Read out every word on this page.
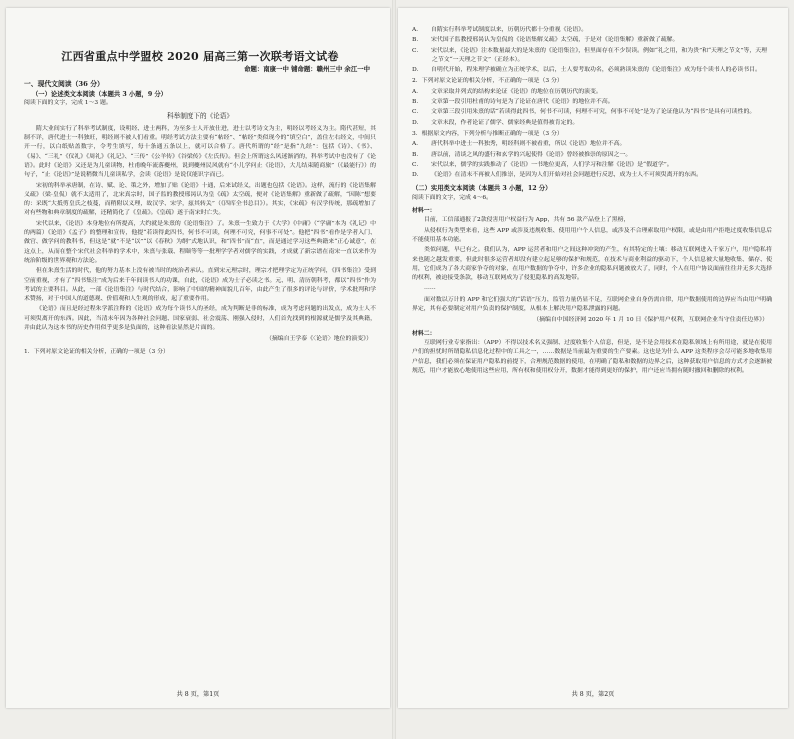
江西省重点中学盟校 2020 届高三第一次联考语文试卷
命题：南康一中 铺命题：赣州三中 余江一中
一、现代文阅读（36 分）
（一）论述类文本阅读（本题共 3 小题，9 分）
阅读下面的文字，完成 1～3 题。
科举制度下的《论语》

隋大业间实行了科举考试制度，设明经、进士两科，为至多士人开放仕进，进士以考诗文为主，明经以考经义为主。隋代甚短，其制不详，唐代进士一科独旺，明经则不被人们看重。明经考试方法主要有“帖经”、“帖经”类似现今的“填空白”，盖住左右经文，中间只开一行，以白纸贴盖数字，令考生填写，每十条通五条以上，就可以合格了。唐代所谓的“经”是指“九经”：包括《诗》、《书》、《易》、“三礼”《仪礼》《周礼》《礼记》、“三传”《公羊传》《谷梁传》《左氏传》。但会上所谓这么风迷渐消的，科举考试中也没有了《论语》。此时《论语》又还是为儿童读物，杜甫晚年流落夔州，说到夔州民风就有“小儿学问止《论语》，大儿结束随商旅”（《最能行》）的句子，“止《论语》”是说稍微当儿童读私学，会读《论语》是说仅能识字而已。

宋初的科举承唐制，在诗、赋、论、策之外，增加了贴《论语》十通，后来试经义，出题也包括《论语》。这样，流行的《论语集解义疏》（梁·皇侃）就不太适用了，北宋真宗时，国子监的教授邢昺认为皇《疏》太空疏，便对《论语集解》重新做了疏解，“因陈”想要的：采既“大抵剪皇氏之枝蔓，而稍附以义理，故汉学、宋学，兹其转关”（《四库全书总目》）。其实，《宋疏》有汉学传统，那疏增加了对有些物和典章制度的疏解，还精简化了《皇疏》。《皇疏》遂于南宋时亡失。

宋代以来，《论语》本身地位有所提高，大约就是朱熹的《论语集注》了。朱熹一生致力于《大学》《中庸》（“学庸”本为《礼记》中的两篇）《论语》《孟子》的整理和宣传，他提“若读得此四书，何书不可读，何理不可究，何事不可处”。他把“四书”看作是学者入门、做官、做学问的教科书，但这是“就”不是“以”“以《春秋》为纲”式地认识，和“四书”而“直”，而是通过学习这些典籍来“正心诚意”，在这点上，从而在整个宋代社会科举的学术中，朱熹与张载、程颐等等一批理学学者对儒学的实践，才成就了新宗谱在南宋一直以来作为统治阶级的世界观和方法论。

但在朱熹生活的时代，他的努力基本上没有被当时的统治者承认。直到宋元理宗时，理宗才把理学定为正统学问，《四书集注》受到空前重视，才有了“四书集注”成为后来千年间读书人的功课，自此，《论语》成为士子必读之书。元、明、清历朝科考，都以“四书”作为考试的主要科目。从此，一部《论语集注》与时代结合，影响了中国的精神面貌几百年，由此产生了很多的评论与评价，学术批判和学术赞扬，对于中国人的道德观、价值观和人生观的形成，起了重要作用。

《论语》而且是经过程朱学派注释的《论语》成为每个读书人的圣经，成为判断是非的标准，成为考虑问题的出发点，成为士人不可须臾离开的东西。因此，当清末年因为各种社会问题、国家衰弱、社会震荡、刚强入侵时，人们首先找到的根源就是儒学及其典籍，并由此认为这本书的历史作用似乎更多是负面的，这种看法显然是片面的。

（摘编自王学泰《〈论语〉地位的演变》）
1．下列对原文论证的相关分析，正确的一项是（3 分）
共 8 页，第1页
A． 自隋实行科举考试制度以来，历朝历代都十分重视《论语》。
B． 宋代国子监教授邢昺认为皇侃的《论语集解义疏》太空疏，于是对《论语集解》重新做了疏解。
C． 宋代以来，《论语》注本数量最大的是朱熹的《论语集注》，但里面存在不少误读。例如“礼之用，和为贵”和“天理之节文”等，天理之节文“一天理之节文”（正经本）。
D． 自明代开始，程朱理学被确立为正统学术，以后，士人要考取功名，必须熟读朱熹的《论语集注》成为每个读书人的必读书目。
2．下列对原文论证的相关分析，不正确的一项是（3 分）
A． 文章采取并列式的结构来论证《论语》的地位在历朝历代的演变。
B． 文章第一段引用杜甫的诗句是为了论证在唐代《论语》的地位并不高。
C． 文章第三段引用朱熹的话“若读得此四书，何书不可读，何理不可究，何事不可处”是为了论证他认为“四书”是具有可读性的。
D． 文章末段，作者论证了儒学、儒家经典是值得被肯定的。
3．根据原文内容，下列分析与推断正确的一项是（3 分）
A． 唐代科举中进士一科独秀，明经科则不被看重，所以《论语》地位并不高。
B． 唐以前，清谈之风的盛行和玄学的兴起使得《论语》曾经被推崇的原因之一。
C． 宋代以来，儒学的实践推动了《论语》一书地位更高，人们学习和注解《论语》是“假道学”。
D． 《论语》在清末不再被人们推崇，是因为人们开始对社会问题进行反思，成为士人不可须臾离开的东西。
（二）实用类文本阅读（本题共 3 小题，12 分）
阅读下面的文字，完成 4～6。
材料一：

目前，工信部通报了2款侵害用户权益行为 App，共有 56 款产品登上了黑榜，

从侵权行为类型来看，这些 APP 或涉及违规收集、使用用户个人信息，或涉及不合理索取用户权限，或是由用户拒绝过度收集信息后不能使用基本功能。

类似问题，早已有之。我们认为，APP 运营者和用户之间这种冲突的产生，有其特定的土壤：移动互联网进入千家万户，用户隐私将来也随之越发重要，但此时很多运营者却没有建立起足够的保护和规范，在技术与商业利益的驱动下，个人信息被大量地收集、储存、使用，它们成为了各大商家争夺的对象，在用户数据的争夺中，许多企业的隐私问题被放大了，同时，个人在用户协议面前往往并无多大选择的权利，被迫接受条款，移动互联网成为了侵犯隐私的高发地带。

……

面对数以万计的 APP 和它们强大的“话语”压力，监管力量仍显不足，互联网企业自身仍需自律，用户数据使用的边界应当由用户明确界定，其有必要制定对用户负责的保护制度，从根本上解决用户隐私泄露的问题。

（摘编自中国经济网 2020 年 1 月 10 日《保护用户权利，互联网企业当守住责任边界》）
材料二：

互联网行业专家指出：（APP）不得以技术名义强制、过度收集个人信息，但是，是不是会用技术在隐私领域上有所用途，就是在使用户们的担忧时所谓隐私信息化过程中的工具之一，……数据是当前最为重要的生产要素。这也是为什么 APP 这类程序会尽可能多地收集用户信息，我们必须在保证用户隐私的前提下，合理规范数据的使用，在明确了隐私和数据的边界之后，这种获取用户信息的方式才会逐渐被规范，用户才能放心地使用这些应用，所有权和使用权分开，数据才能得到更好的保护，用户还应当拥有随时撤回和删除的权利。

共 8 页，第2页
